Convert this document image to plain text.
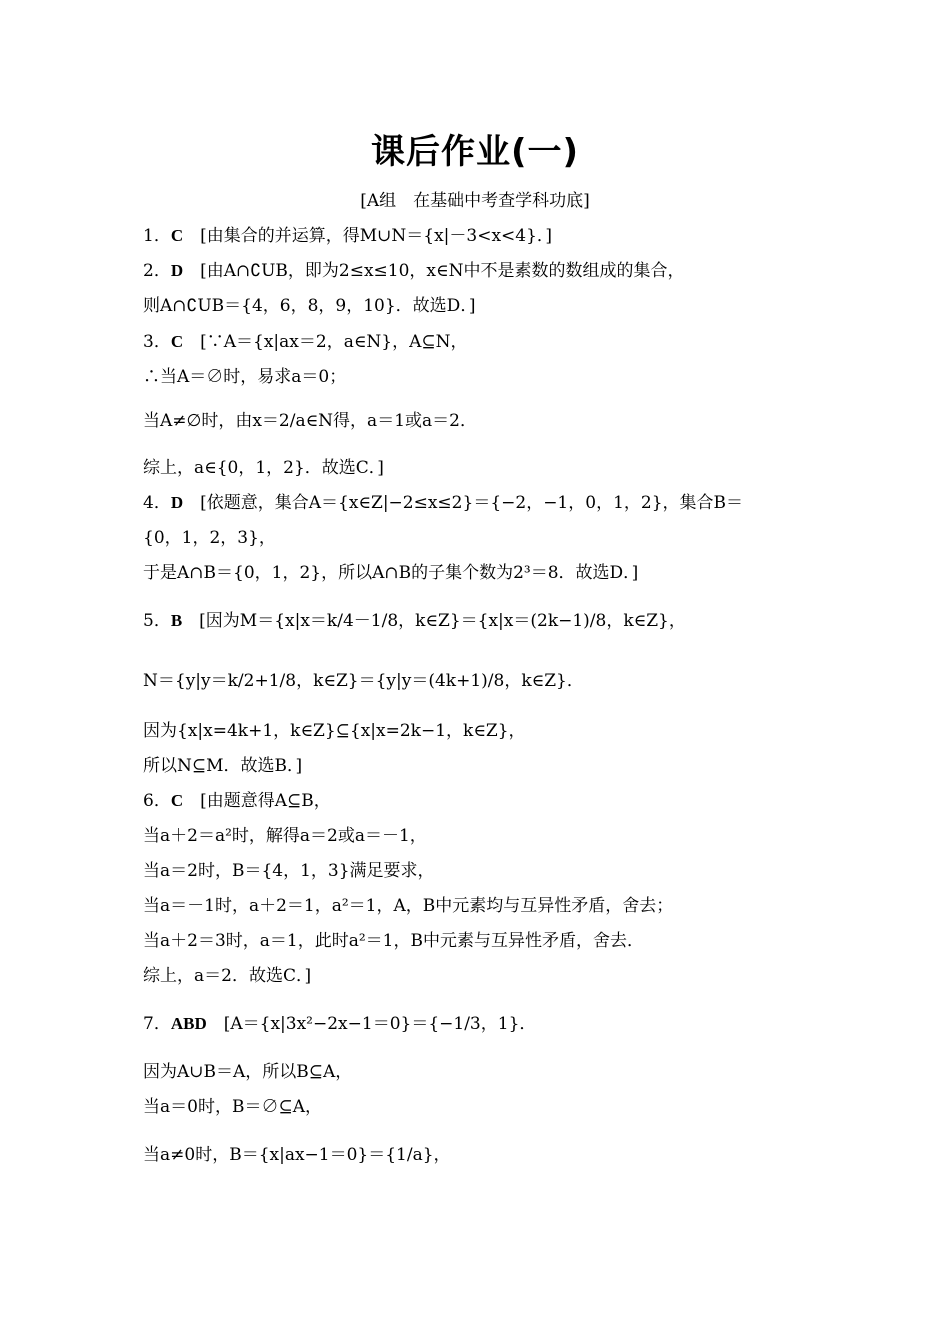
课后作业(一)
[A组　在基础中考查学科功底]
1．C　 [由集合的并运算，得M∪N＝{x|－3<x<4}．]
2．D　 [由A∩∁UB，即为2≤x≤10，x∈N中不是素数的数组成的集合，
则A∩∁UB＝{4，6，8，9，10}．故选D．]
3．C　 [∵A＝{x|ax＝2，a∈N}，A⊆N，
∴当A＝∅时，易求a＝0；
当A≠∅时，由x＝2/a∈N得，a＝1或a＝2．
综上，a∈{0，1，2}．故选C．]
4．D　 [依题意，集合A＝{x∈Z|−2≤x≤2}＝{−2，−1，0，1，2}，集合B＝
{0，1，2，3}，
于是A∩B＝{0，1，2}，所以A∩B的子集个数为2³＝8．故选D．]
5．B　 [因为M＝{x|x＝k/4－1/8，k∈Z}＝{x|x＝(2k−1)/8，k∈Z}，
N＝{y|y＝k/2+1/8，k∈Z}＝{y|y＝(4k+1)/8，k∈Z}．
因为{x|x=4k+1，k∈Z}⊆{x|x=2k−1，k∈Z}，
所以N⊆M．故选B．]
6．C　 [由题意得A⊆B，
当a＋2＝a²时，解得a＝2或a＝－1，
当a＝2时，B＝{4，1，3}满足要求，
当a＝－1时，a＋2＝1，a²＝1，A，B中元素均与互异性矛盾，舍去；
当a＋2＝3时，a＝1，此时a²＝1，B中元素与互异性矛盾，舍去．
综上，a＝2．故选C．]
7．ABD　 [A＝{x|3x²−2x−1＝0}＝{−1/3，1}．
因为A∪B＝A，所以B⊆A，
当a＝0时，B＝∅⊆A，
当a≠0时，B＝{x|ax−1＝0}＝{1/a}，
